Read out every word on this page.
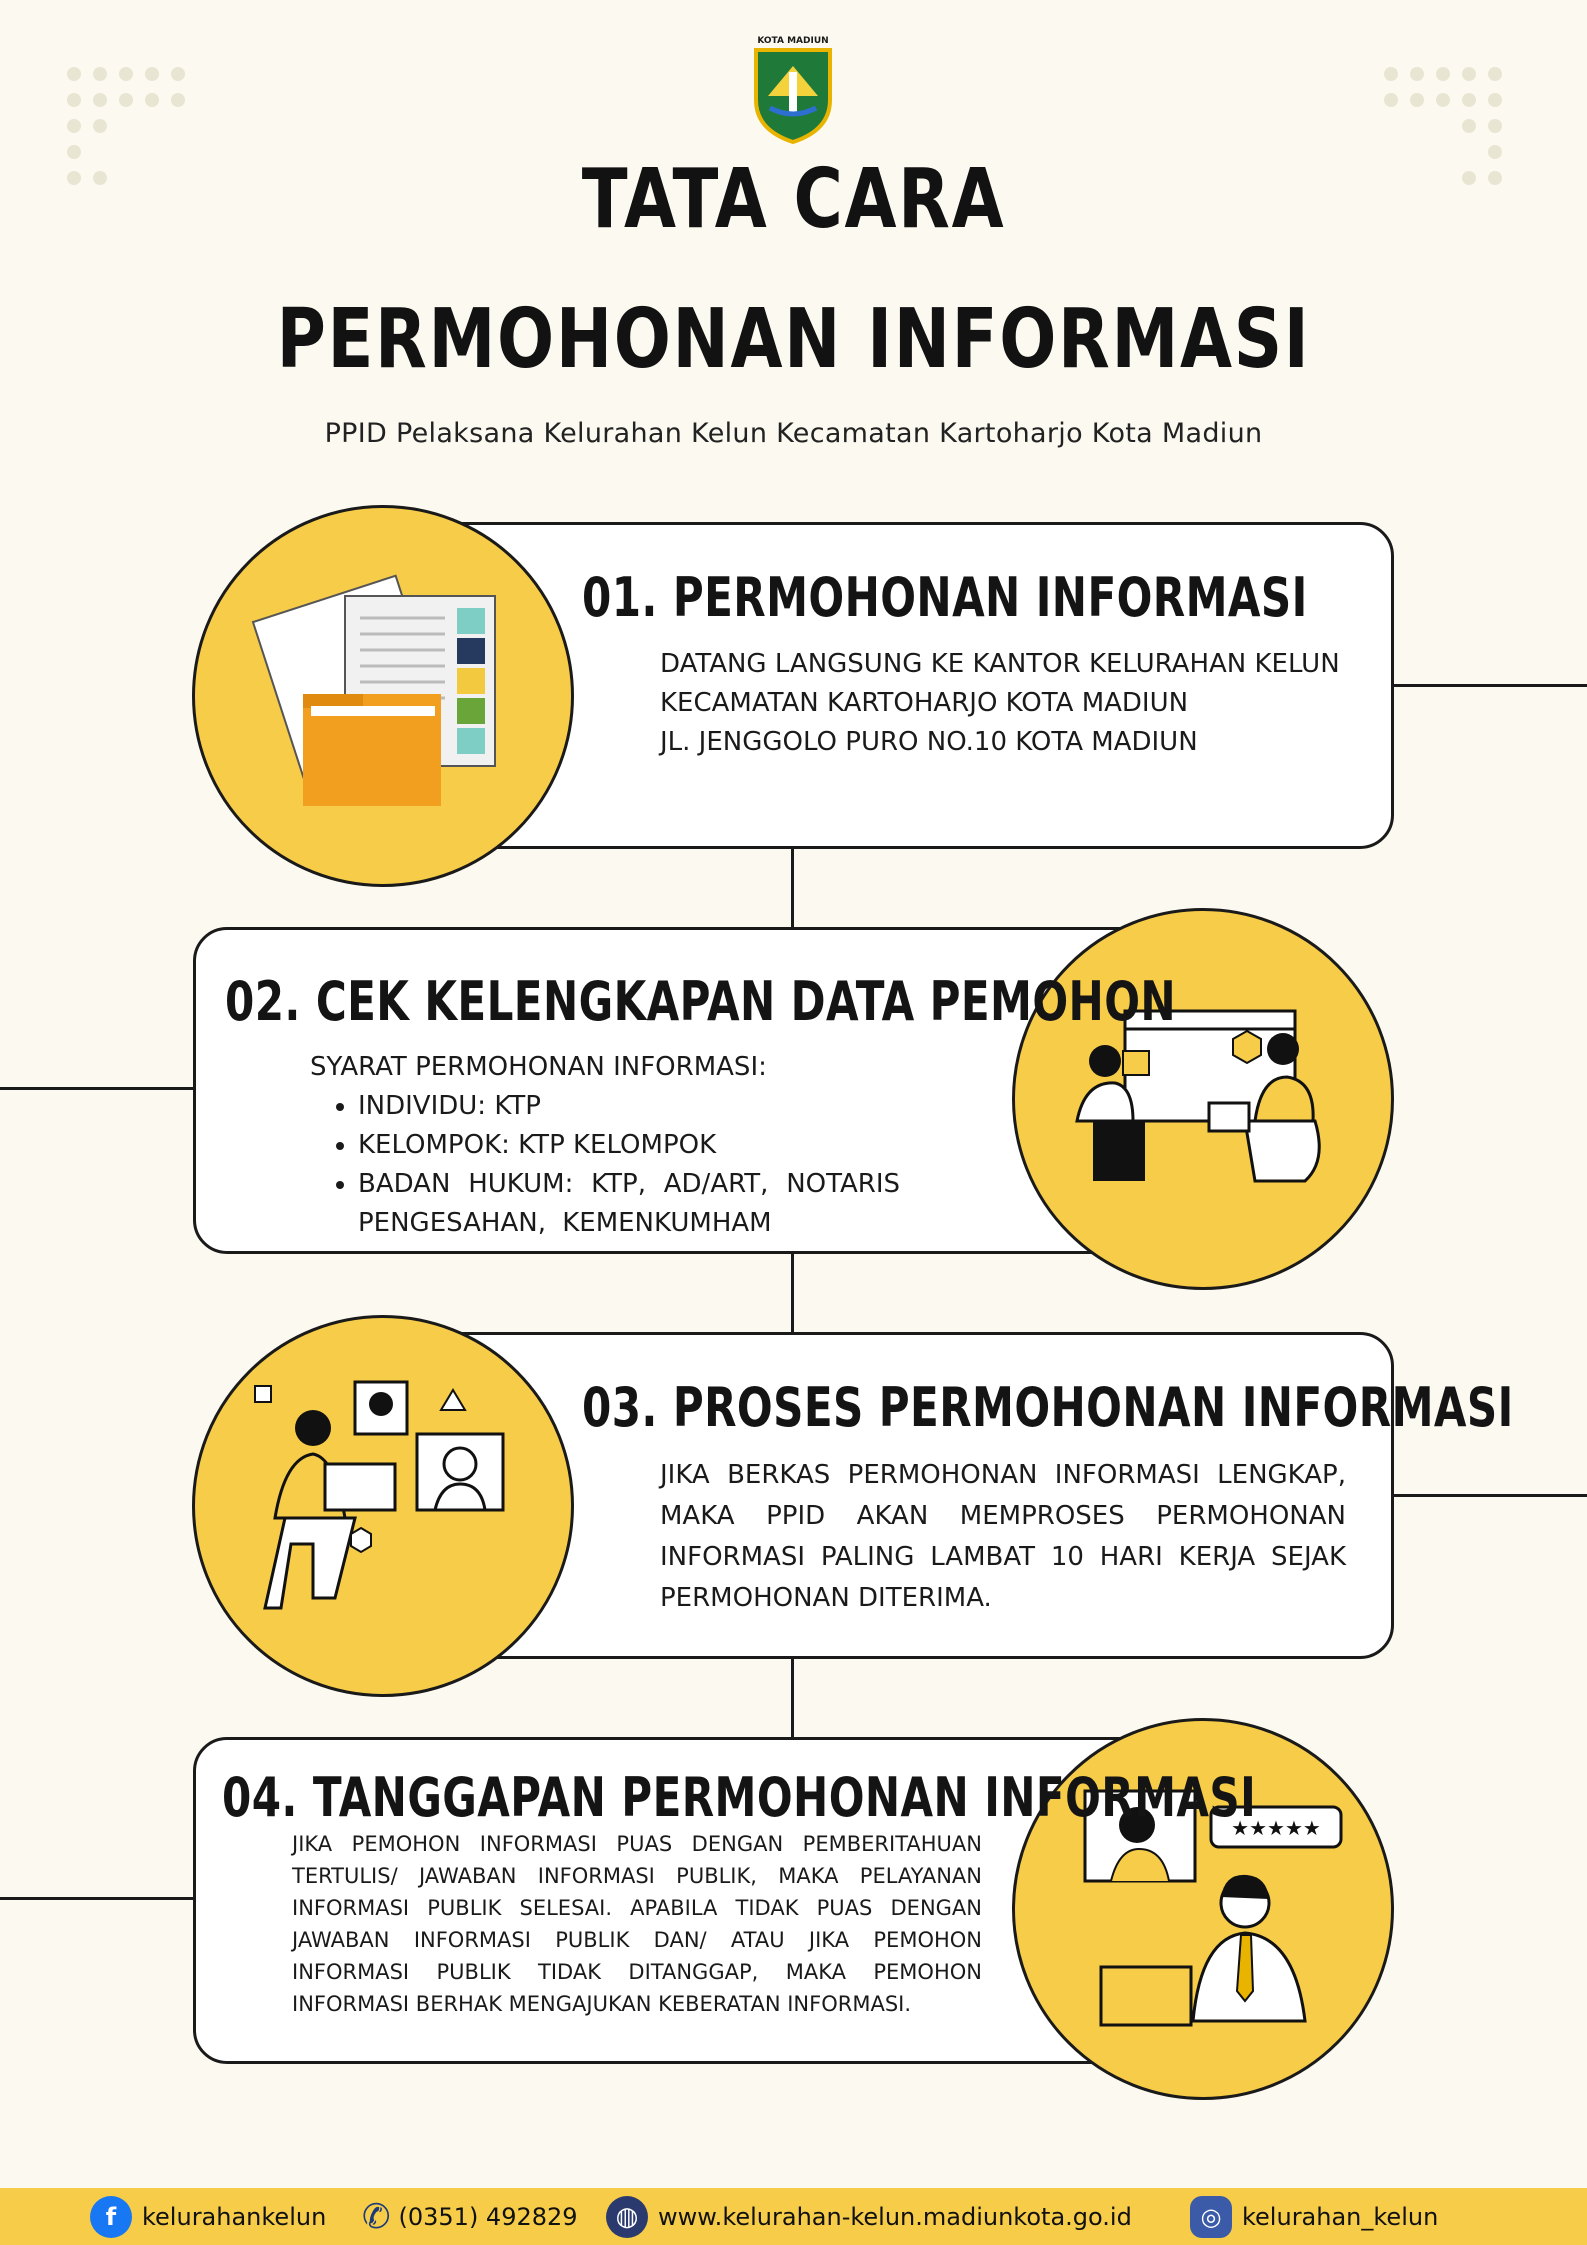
KOTA MADIUN
TATA CARA
PERMOHONAN INFORMASI
PPID Pelaksana Kelurahan Kelun Kecamatan Kartoharjo Kota Madiun
01. PERMOHONAN INFORMASI
DATANG LANGSUNG KE KANTOR KELURAHAN KELUN
KECAMATAN KARTOHARJO KOTA MADIUN
JL. JENGGOLO PURO NO.10 KOTA MADIUN
02. CEK KELENGKAPAN DATA PEMOHON
SYARAT PERMOHONAN INFORMASI:
• INDIVIDU: KTP
• KELOMPOK: KTP KELOMPOK
• BADAN HUKUM: KTP, AD/ART, NOTARIS PENGESAHAN, KEMENKUMHAM
03. PROSES PERMOHONAN INFORMASI
JIKA BERKAS PERMOHONAN INFORMASI LENGKAP, MAKA PPID AKAN MEMPROSES PERMOHONAN INFORMASI PALING LAMBAT 10 HARI KERJA SEJAK PERMOHONAN DITERIMA.
★★★★★
04. TANGGAPAN PERMOHONAN INFORMASI
JIKA PEMOHON INFORMASI PUAS DENGAN PEMBERITAHUAN TERTULIS/ JAWABAN INFORMASI PUBLIK, MAKA PELAYANAN INFORMASI PUBLIK SELESAI. APABILA TIDAK PUAS DENGAN JAWABAN INFORMASI PUBLIK DAN/ ATAU JIKA PEMOHON INFORMASI PUBLIK TIDAK DITANGGAP, MAKA PEMOHON INFORMASI BERHAK MENGAJUKAN KEBERATAN INFORMASI.
f	kelurahankelun ✆ (0351) 492829	◍ www.kelurahan-kelun.madiunkota.go.id	◎ kelurahan_kelun
